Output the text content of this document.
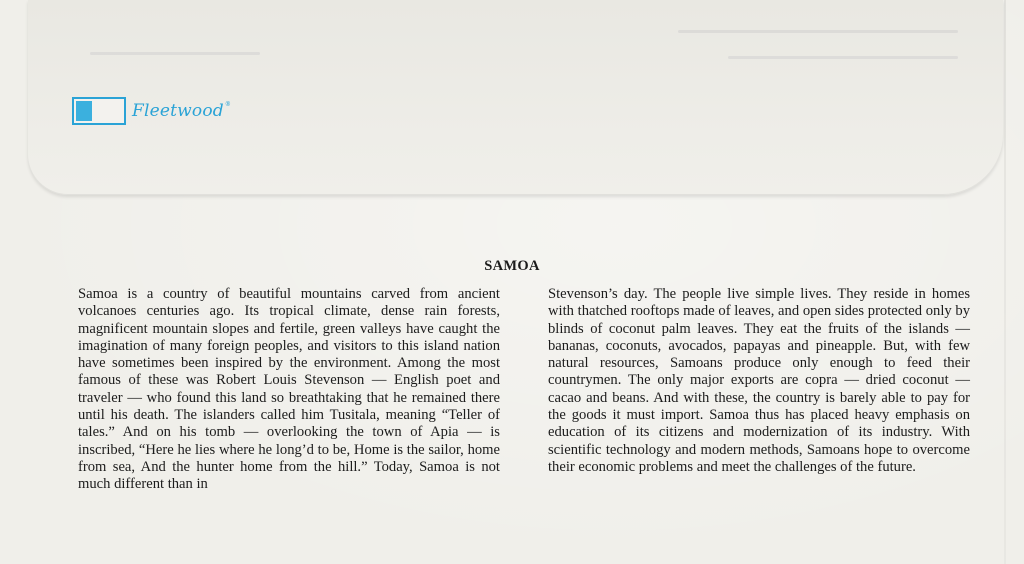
Fleetwood®
SAMOA
Samoa is a country of beautiful mountains carved from ancient volcanoes centuries ago. Its tropical climate, dense rain forests, magnificent mountain slopes and fertile, green valleys have caught the imagination of many foreign peoples, and visitors to this island nation have sometimes been inspired by the environment. Among the most famous of these was Robert Louis Stevenson — English poet and traveler — who found this land so breathtaking that he remained there until his death. The islanders called him Tusitala, meaning “Teller of tales.” And on his tomb — overlooking the town of Apia — is inscribed, “Here he lies where he long’d to be, Home is the sailor, home from sea, And the hunter home from the hill.” Today, Samoa is not much different than in
Stevenson’s day. The people live simple lives. They reside in homes with thatched rooftops made of leaves, and open sides protected only by blinds of coconut palm leaves. They eat the fruits of the islands — bananas, coconuts, avocados, papayas and pineapple. But, with few natural resources, Samoans produce only enough to feed their countrymen. The only major exports are copra — dried coconut — cacao and beans. And with these, the country is barely able to pay for the goods it must import. Samoa thus has placed heavy emphasis on education of its citizens and modernization of its industry. With scientific technology and modern methods, Samoans hope to overcome their economic problems and meet the challenges of the future.
